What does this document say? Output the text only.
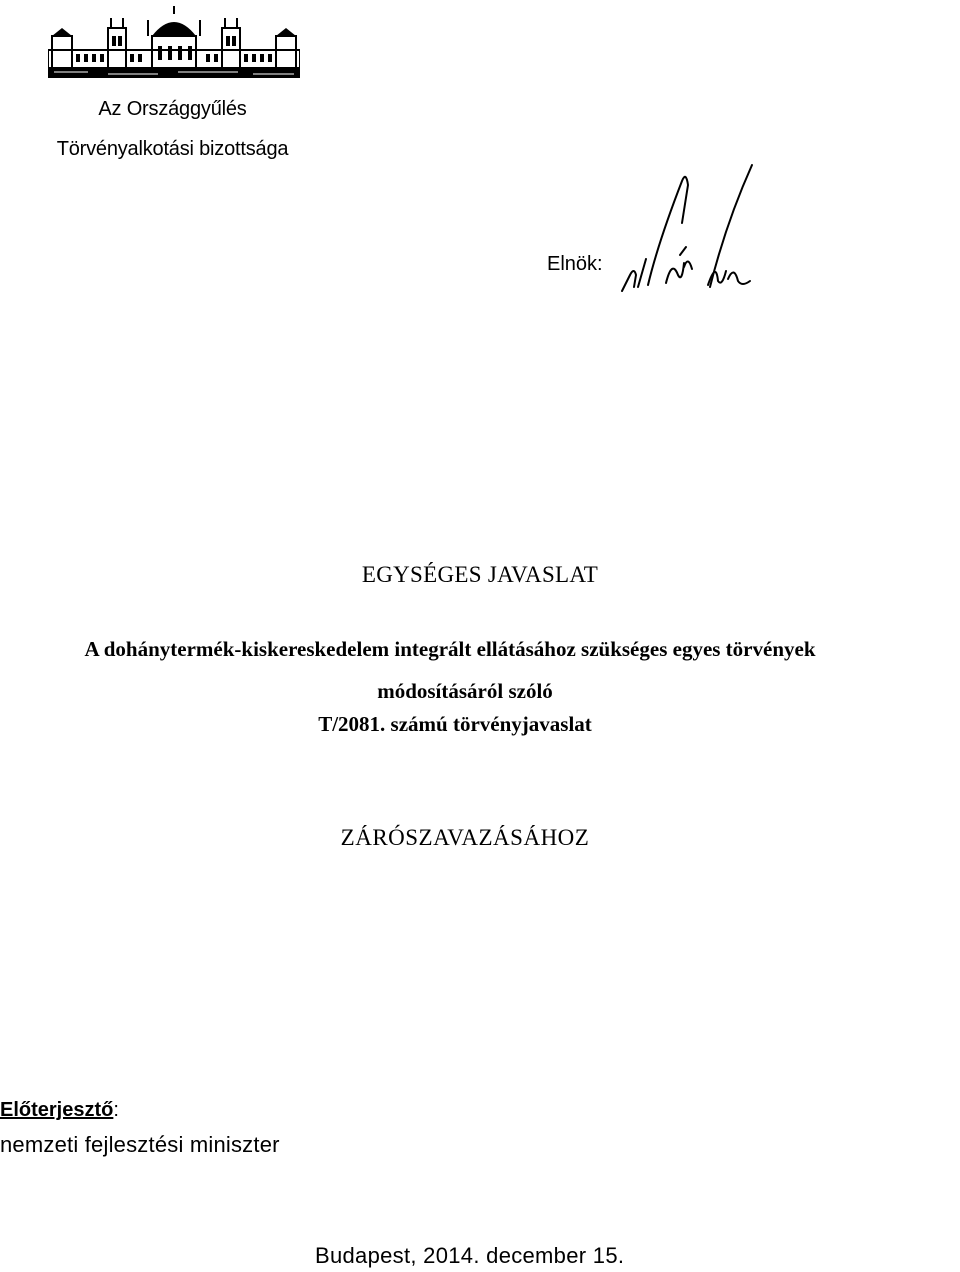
Az Országgyűlés
Törvényalkotási bizottsága
Elnök:
EGYSÉGES JAVASLAT
A dohánytermék-kiskereskedelem integrált ellátásához szükséges egyes törvények
módosításáról szóló
T/2081. számú törvényjavaslat
ZÁRÓSZAVAZÁSÁHOZ
Előterjesztő:
nemzeti fejlesztési miniszter
Budapest, 2014. december 15.
